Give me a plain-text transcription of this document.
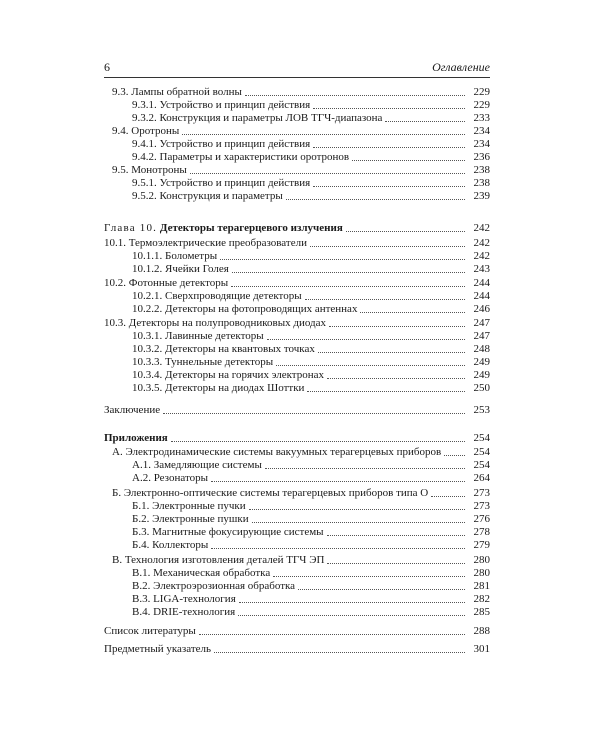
6	Оглавление
9.3. Лампы обратной волны	229
9.3.1. Устройство и принцип действия	229
9.3.2. Конструкция и параметры ЛОВ ТГЧ-диапазона	233
9.4. Оротроны	234
9.4.1. Устройство и принцип действия	234
9.4.2. Параметры и характеристики оротронов	236
9.5. Монотроны	238
9.5.1. Устройство и принцип действия	238
9.5.2. Конструкция и параметры	239
Глава 10. Детекторы терагерцевого излучения	242
10.1. Термоэлектрические преобразователи	242
10.1.1. Болометры	242
10.1.2. Ячейки Голея	243
10.2. Фотонные детекторы	244
10.2.1. Сверхпроводящие детекторы	244
10.2.2. Детекторы на фотопроводящих антеннах	246
10.3. Детекторы на полупроводниковых диодах	247
10.3.1. Лавинные детекторы	247
10.3.2. Детекторы на квантовых точках	248
10.3.3. Туннельные детекторы	249
10.3.4. Детекторы на горячих электронах	249
10.3.5. Детекторы на диодах Шоттки	250
Заключение	253
Приложения	254
А. Электродинамические системы вакуумных терагерцевых приборов	254
А.1. Замедляющие системы	254
А.2. Резонаторы	264
Б. Электронно-оптические системы терагерцевых приборов типа О	273
Б.1. Электронные пучки	273
Б.2. Электронные пушки	276
Б.3. Магнитные фокусирующие системы	278
Б.4. Коллекторы	279
В. Технология изготовления деталей ТГЧ ЭП	280
В.1. Механическая обработка	280
В.2. Электроэрозионная обработка	281
В.3. LIGA-технология	282
В.4. DRIE-технология	285
Список литературы	288
Предметный указатель	301
